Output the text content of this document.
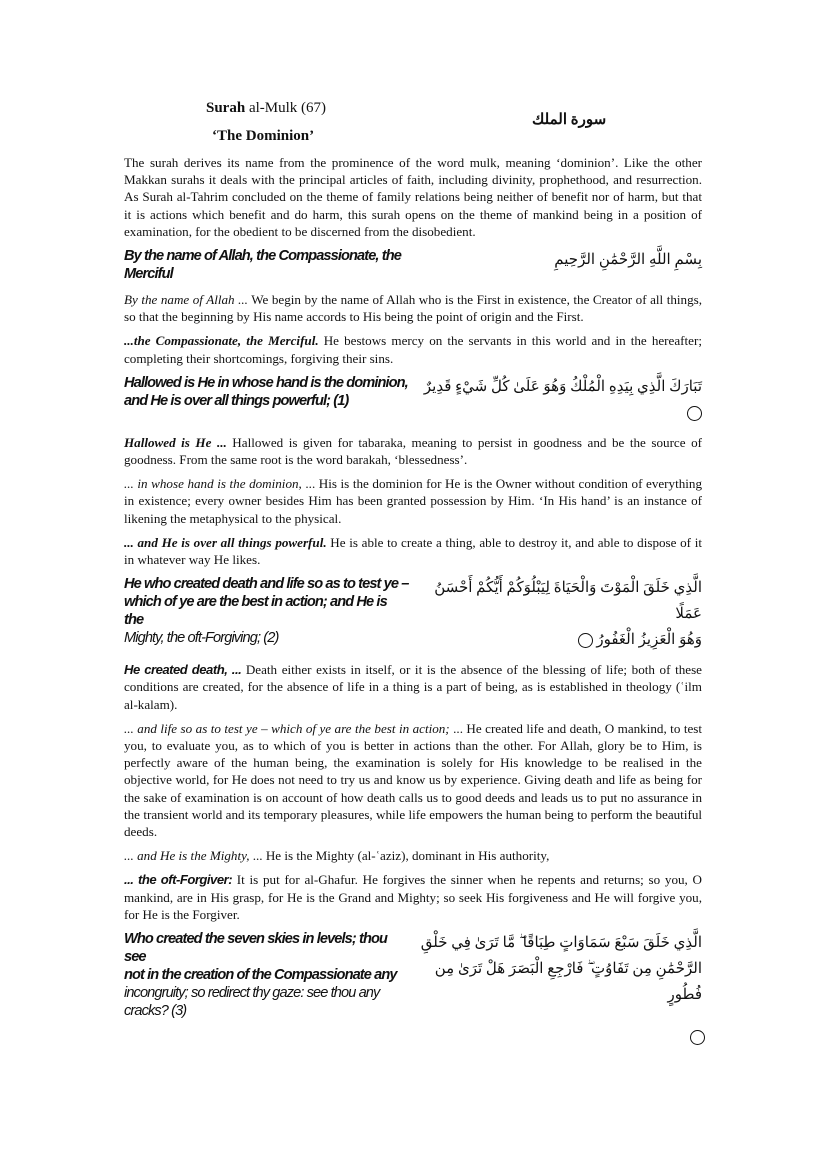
Surah al-Mulk (67)
‘The Dominion’
سورة الملك

The surah derives its name from the prominence of the word mulk, meaning ‘dominion’. Like the other Makkan surahs it deals with the principal articles of faith, including divinity, prophethood, and resurrection. As Surah al-Tahrim concluded on the theme of family relations being neither of benefit nor of harm, but that it is actions which benefit and do harm, this surah opens on the theme of mankind being in a position of examination, for the obedient to be discerned from the disobedient.

By the name of Allah, the Compassionate, the Merciful
بِسْمِ اللَّهِ الرَّحْمَٰنِ الرَّحِيمِ

By the name of Allah ... We begin by the name of Allah who is the First in existence, the Creator of all things, so that the beginning by His name accords to His being the point of origin and the First.

...the Compassionate, the Merciful. He bestows mercy on the servants in this world and in the hereafter; completing their shortcomings, forgiving their sins.

Hallowed is He in whose hand is the dominion,
and He is over all things powerful; (1)
تَبَارَكَ الَّذِي بِيَدِهِ الْمُلْكُ وَهُوَ عَلَىٰ كُلِّ شَيْءٍ قَدِيرٌ

Hallowed is He ... Hallowed is given for tabaraka, meaning to persist in goodness and be the source of goodness. From the same root is the word barakah, ‘blessedness’.

... in whose hand is the dominion, ... His is the dominion for He is the Owner without condition of everything in existence; every owner besides Him has been granted possession by Him. ‘In His hand’ is an instance of likening the metaphysical to the physical.

... and He is over all things powerful. He is able to create a thing, able to destroy it, and able to dispose of it in whatever way He likes.

He who created death and life so as to test ye –
which of ye are the best in action; and He is the
Mighty, the oft-Forgiving; (2)
الَّذِي خَلَقَ الْمَوْتَ وَالْحَيَاةَ لِيَبْلُوَكُمْ أَيُّكُمْ أَحْسَنُ عَمَلًا
وَهُوَ الْعَزِيزُ الْغَفُورُ

He created death, ... Death either exists in itself, or it is the absence of the blessing of life; both of these conditions are created, for the absence of life in a thing is a part of being, as is established in theology (ʿilm al-kalam).

... and life so as to test ye – which of ye are the best in action; ... He created life and death, O mankind, to test you, to evaluate you, as to which of you is better in actions than the other. For Allah, glory be to Him, is perfectly aware of the human being, the examination is solely for His knowledge to be realised in the objective world, for He does not need to try us and know us by experience. Giving death and life as being for the sake of examination is on account of how death calls us to good deeds and leads us to put no assurance in the transient world and its temporary pleasures, while life empowers the human being to perform the beautiful deeds.

... and He is the Mighty, ... He is the Mighty (al-ʿaziz), dominant in His authority,

... the oft-Forgiver: It is put for al-Ghafur. He forgives the sinner when he repents and returns; so you, O mankind, are in His grasp, for He is the Grand and Mighty; so seek His forgiveness and He will forgive you, for He is the Forgiver.

Who created the seven skies in levels; thou see
not in the creation of the Compassionate any
incongruity; so redirect thy gaze: see thou any
cracks? (3)
الَّذِي خَلَقَ سَبْعَ سَمَاوَاتٍ طِبَاقًا ۖ مَّا تَرَىٰ فِي خَلْقِ
الرَّحْمَٰنِ مِن تَفَاوُتٍ ۖ فَارْجِعِ الْبَصَرَ هَلْ تَرَىٰ مِن فُطُورٍ
